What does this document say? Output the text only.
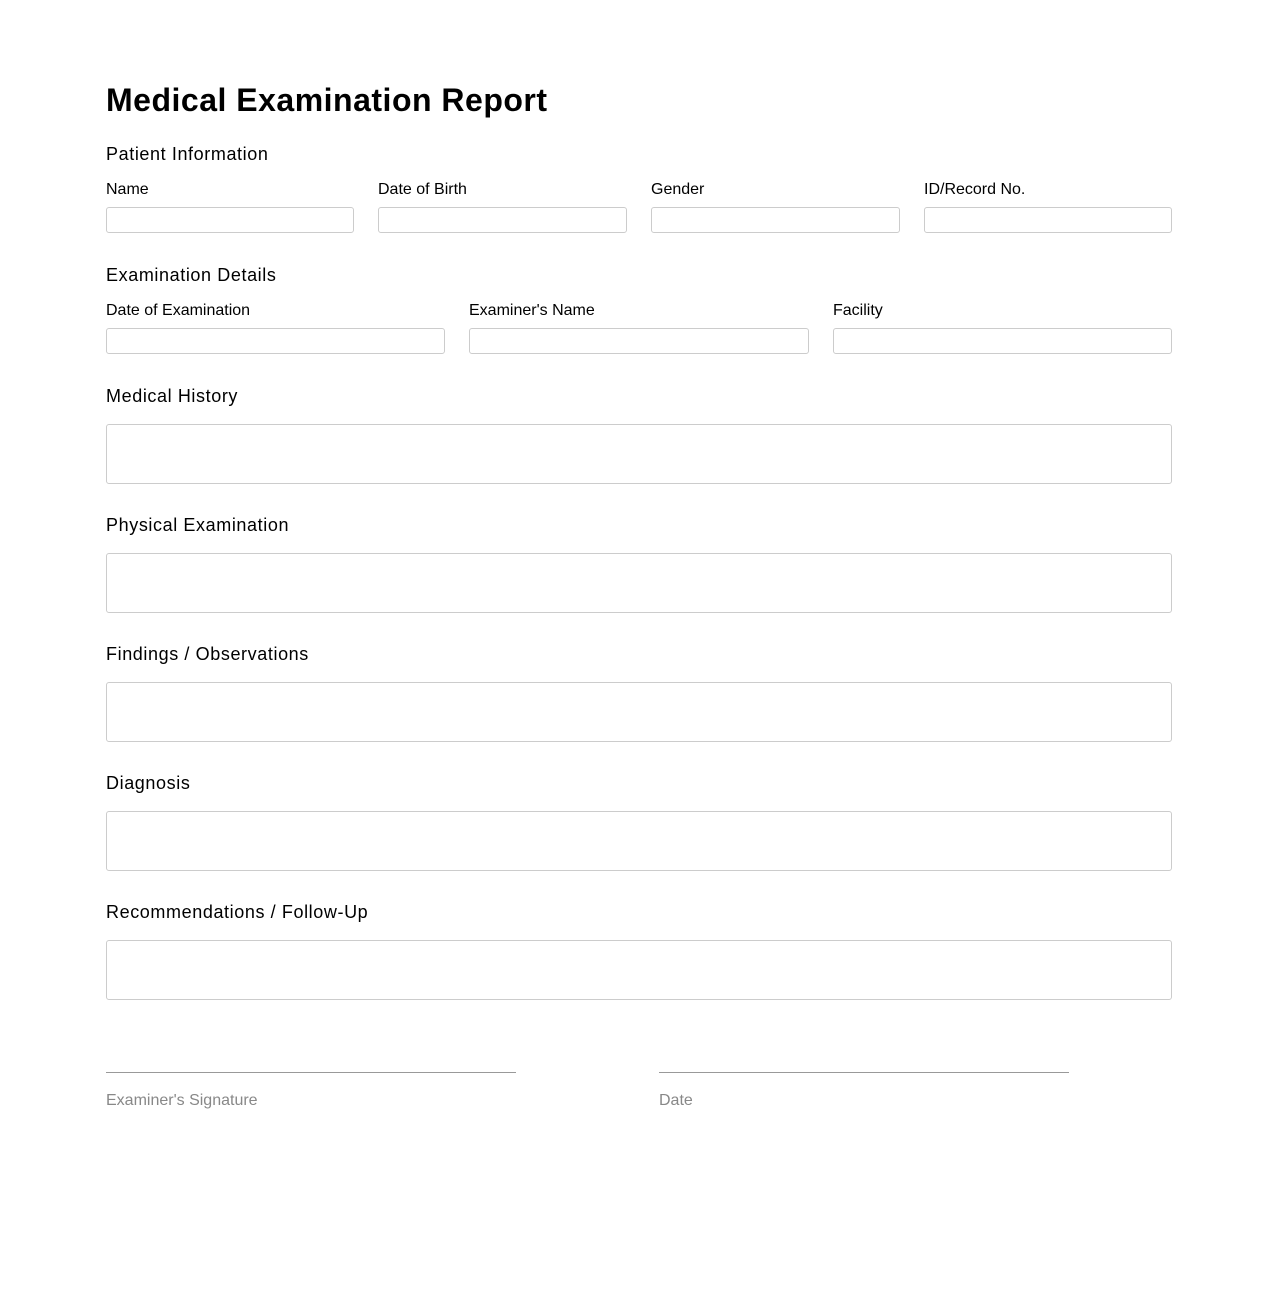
Medical Examination Report
Patient Information
Name	Date of Birth	Gender	ID/Record No.
Examination Details
Date of Examination	Examiner's Name	Facility
Medical History
Physical Examination
Findings / Observations
Diagnosis
Recommendations / Follow-Up
Examiner's Signature	Date
